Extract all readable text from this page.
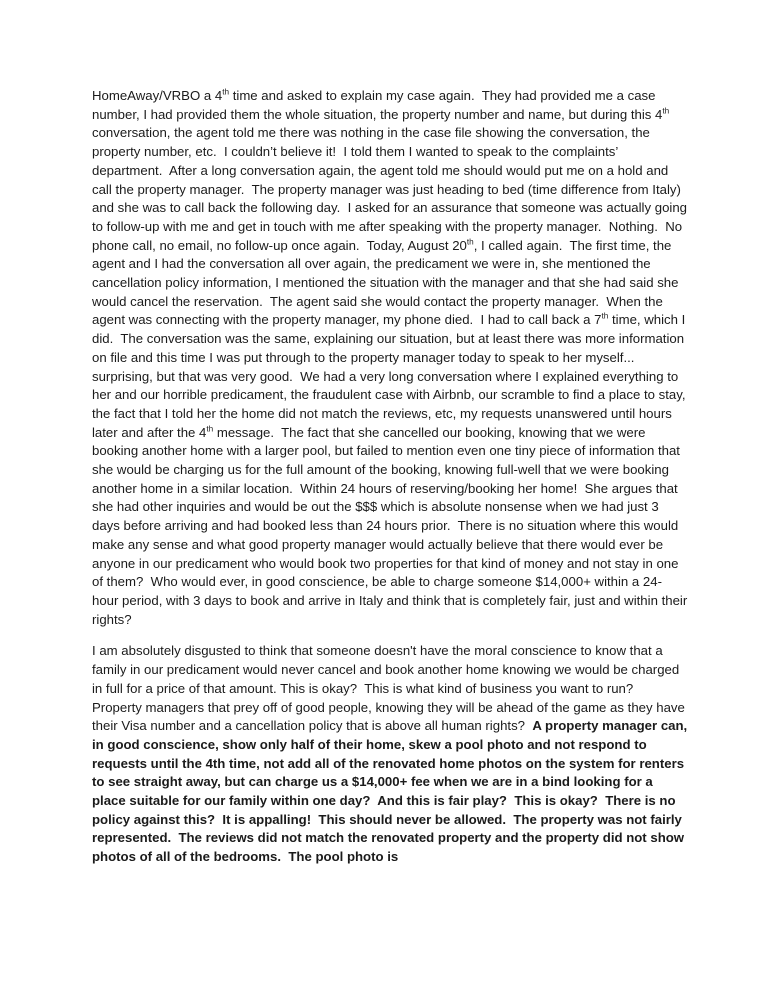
HomeAway/VRBO a 4th time and asked to explain my case again.  They had provided me a case number, I had provided them the whole situation, the property number and name, but during this 4th conversation, the agent told me there was nothing in the case file showing the conversation, the property number, etc.  I couldn’t believe it!  I told them I wanted to speak to the complaints’ department.  After a long conversation again, the agent told me should would put me on a hold and call the property manager.  The property manager was just heading to bed (time difference from Italy) and she was to call back the following day.  I asked for an assurance that someone was actually going to follow-up with me and get in touch with me after speaking with the property manager.  Nothing.  No phone call, no email, no follow-up once again.  Today, August 20th, I called again.  The first time, the agent and I had the conversation all over again, the predicament we were in, she mentioned the cancellation policy information, I mentioned the situation with the manager and that she had said she would cancel the reservation.  The agent said she would contact the property manager.  When the agent was connecting with the property manager, my phone died.  I had to call back a 7th time, which I did.  The conversation was the same, explaining our situation, but at least there was more information on file and this time I was put through to the property manager today to speak to her myself... surprising, but that was very good.  We had a very long conversation where I explained everything to her and our horrible predicament, the fraudulent case with Airbnb, our scramble to find a place to stay, the fact that I told her the home did not match the reviews, etc, my requests unanswered until hours later and after the 4th message.  The fact that she cancelled our booking, knowing that we were booking another home with a larger pool, but failed to mention even one tiny piece of information that she would be charging us for the full amount of the booking, knowing full-well that we were booking another home in a similar location.  Within 24 hours of reserving/booking her home!  She argues that she had other inquiries and would be out the $$$ which is absolute nonsense when we had just 3 days before arriving and had booked less than 24 hours prior.  There is no situation where this would make any sense and what good property manager would actually believe that there would ever be anyone in our predicament who would book two properties for that kind of money and not stay in one of them?  Who would ever, in good conscience, be able to charge someone $14,000+ within a 24-hour period, with 3 days to book and arrive in Italy and think that is completely fair, just and within their rights?

I am absolutely disgusted to think that someone doesn't have the moral conscience to know that a family in our predicament would never cancel and book another home knowing we would be charged in full for a price of that amount. This is okay?  This is what kind of business you want to run?  Property managers that prey off of good people, knowing they will be ahead of the game as they have their Visa number and a cancellation policy that is above all human rights?  A property manager can, in good conscience, show only half of their home, skew a pool photo and not respond to requests until the 4th time, not add all of the renovated home photos on the system for renters to see straight away, but can charge us a $14,000+ fee when we are in a bind looking for a place suitable for our family within one day?  And this is fair play?  This is okay?  There is no policy against this?  It is appalling!  This should never be allowed.  The property was not fairly represented.  The reviews did not match the renovated property and the property did not show photos of all of the bedrooms.  The pool photo is
